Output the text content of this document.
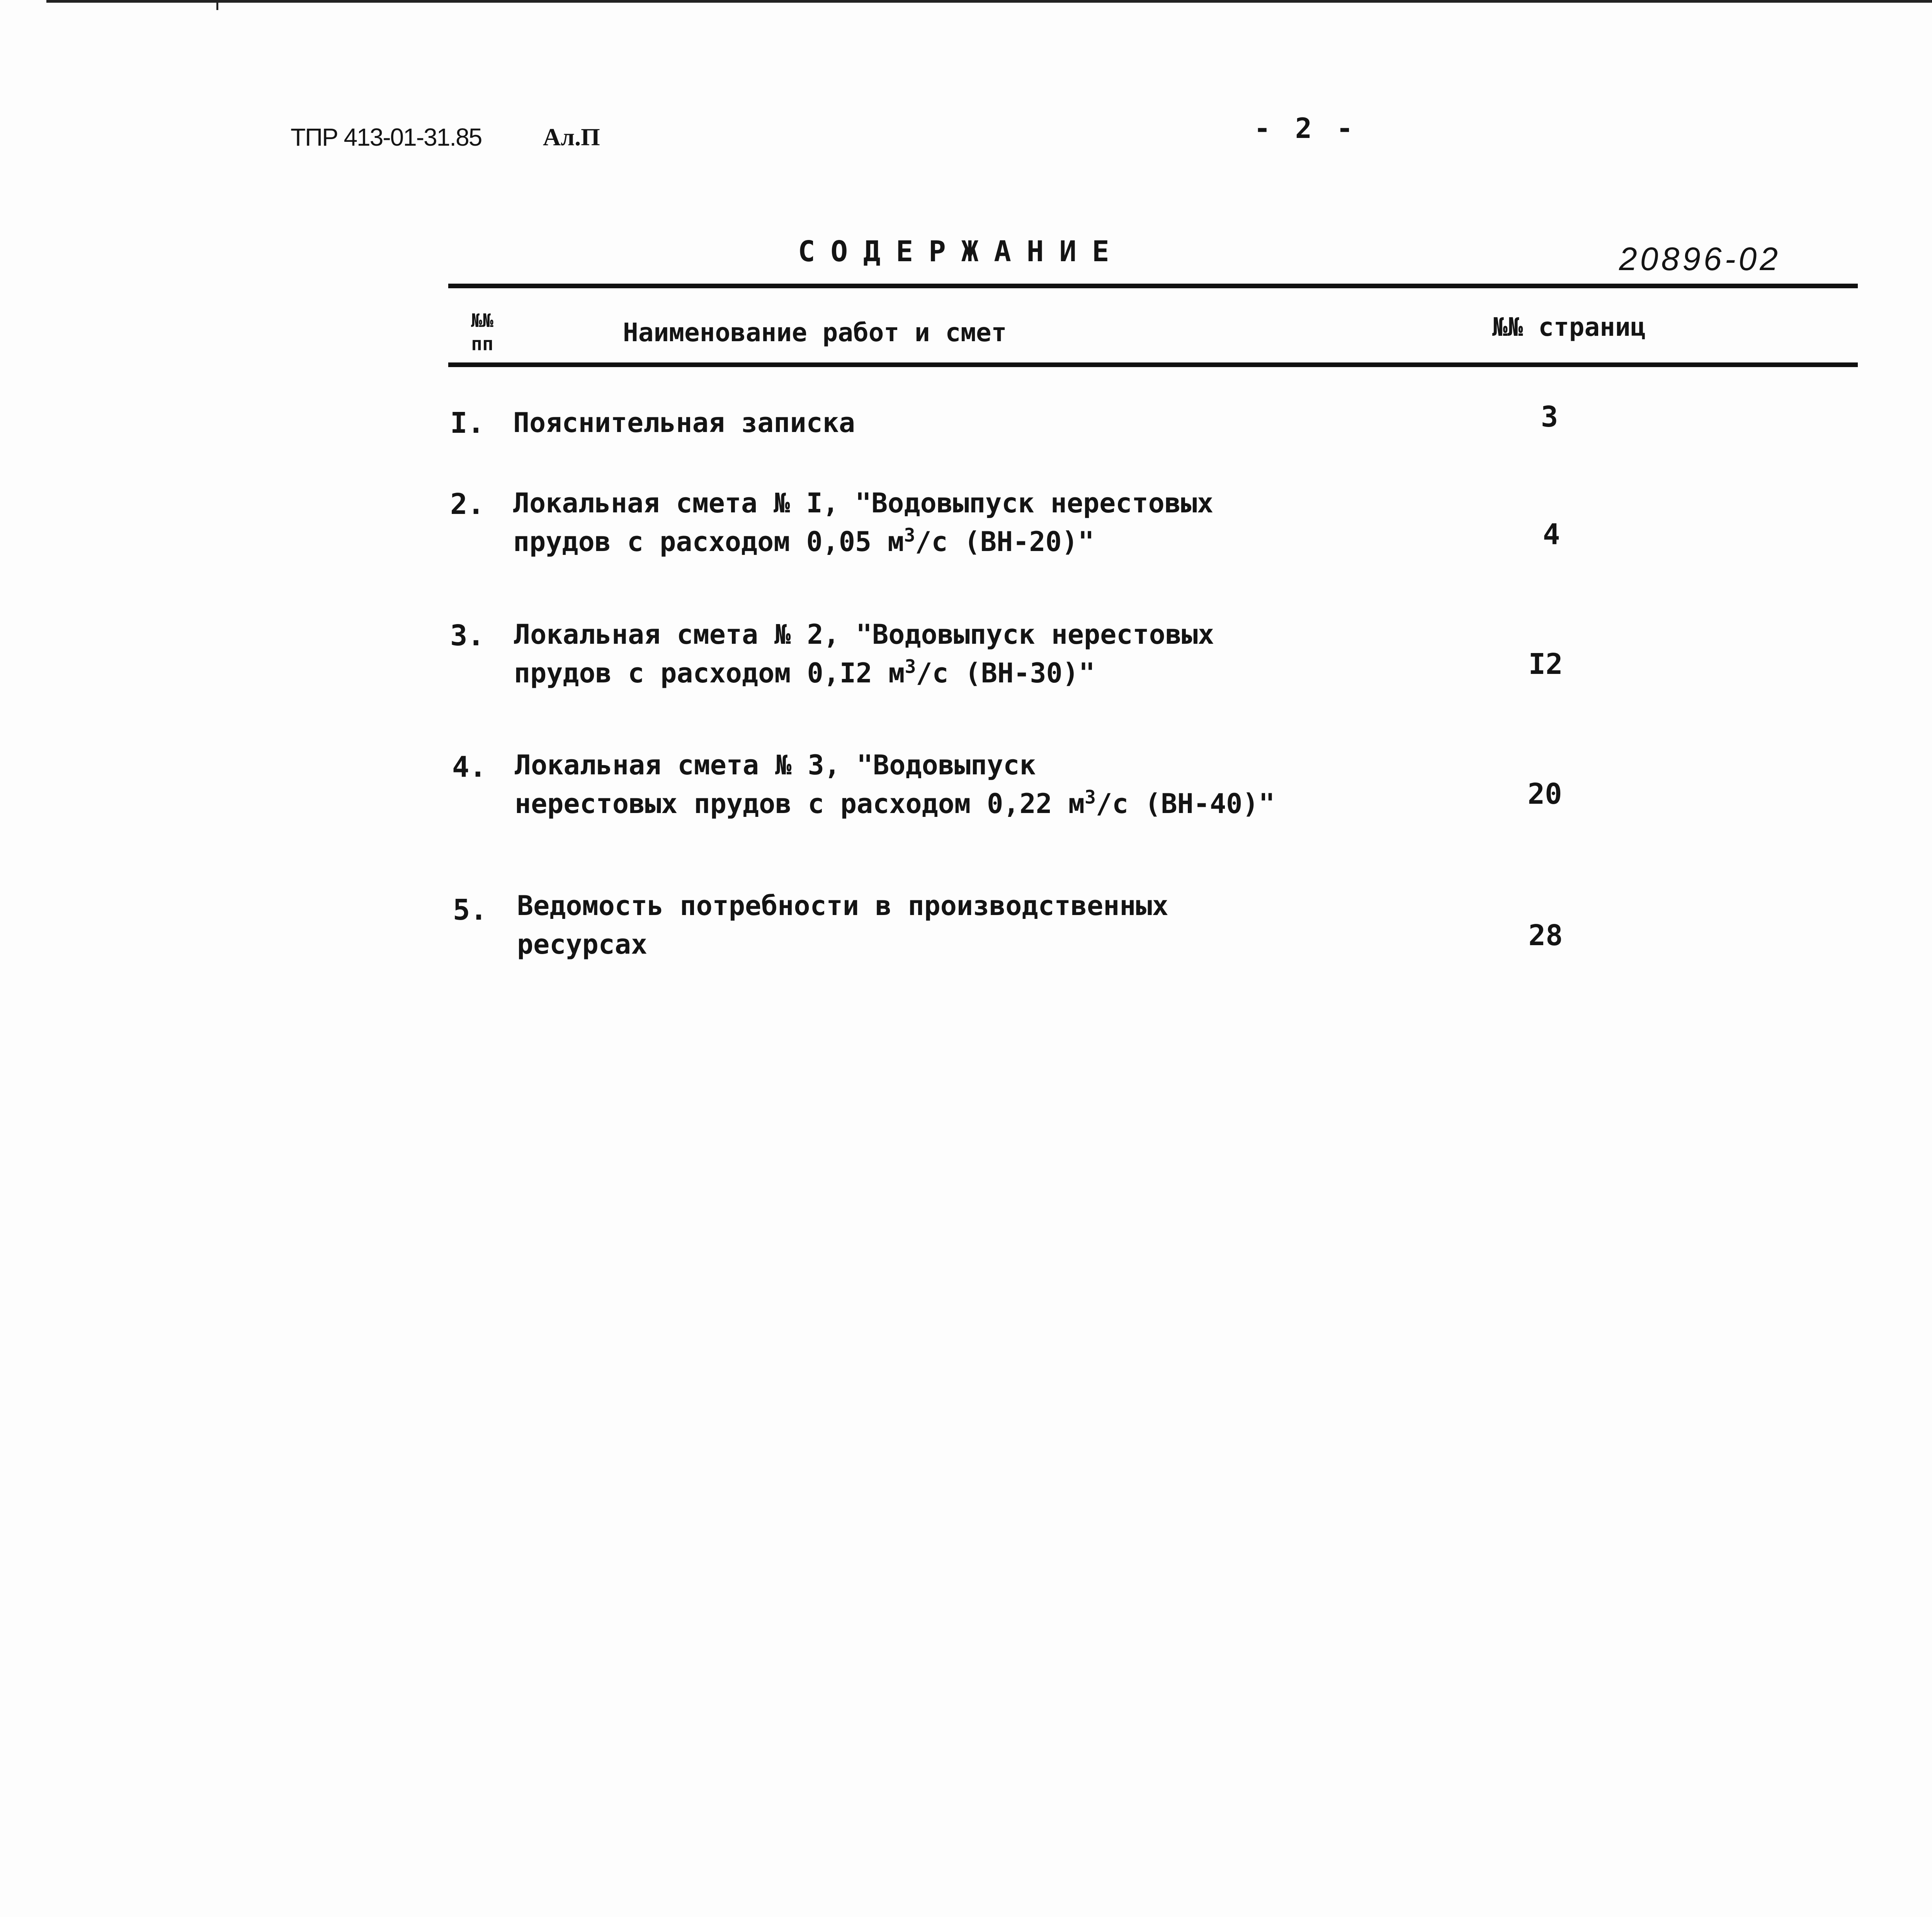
ТПР 413-01-31.85 Ал.П	- 2 -
СОДЕРЖАНИЕ	20896-02
№№
пп	Наименование работ и смет	№№ страниц
I. Пояснительная записка	3
2. Локальная смета № I, "Водовыпуск нерестовых
прудов с расходом 0,05 $м^3/с$ (ВН-20)"	4
3. Локальная смета № 2, "Водовыпуск нерестовых
прудов с расходом 0,I2 $м^3/с$ (ВН-30)"	I2
4. Локальная смета № 3, "Водовыпуск
нерестовых прудов с расходом 0,22 $м^3/с$ (ВН-40)"	20
5. Ведомость потребности в производственных
ресурсах	28
